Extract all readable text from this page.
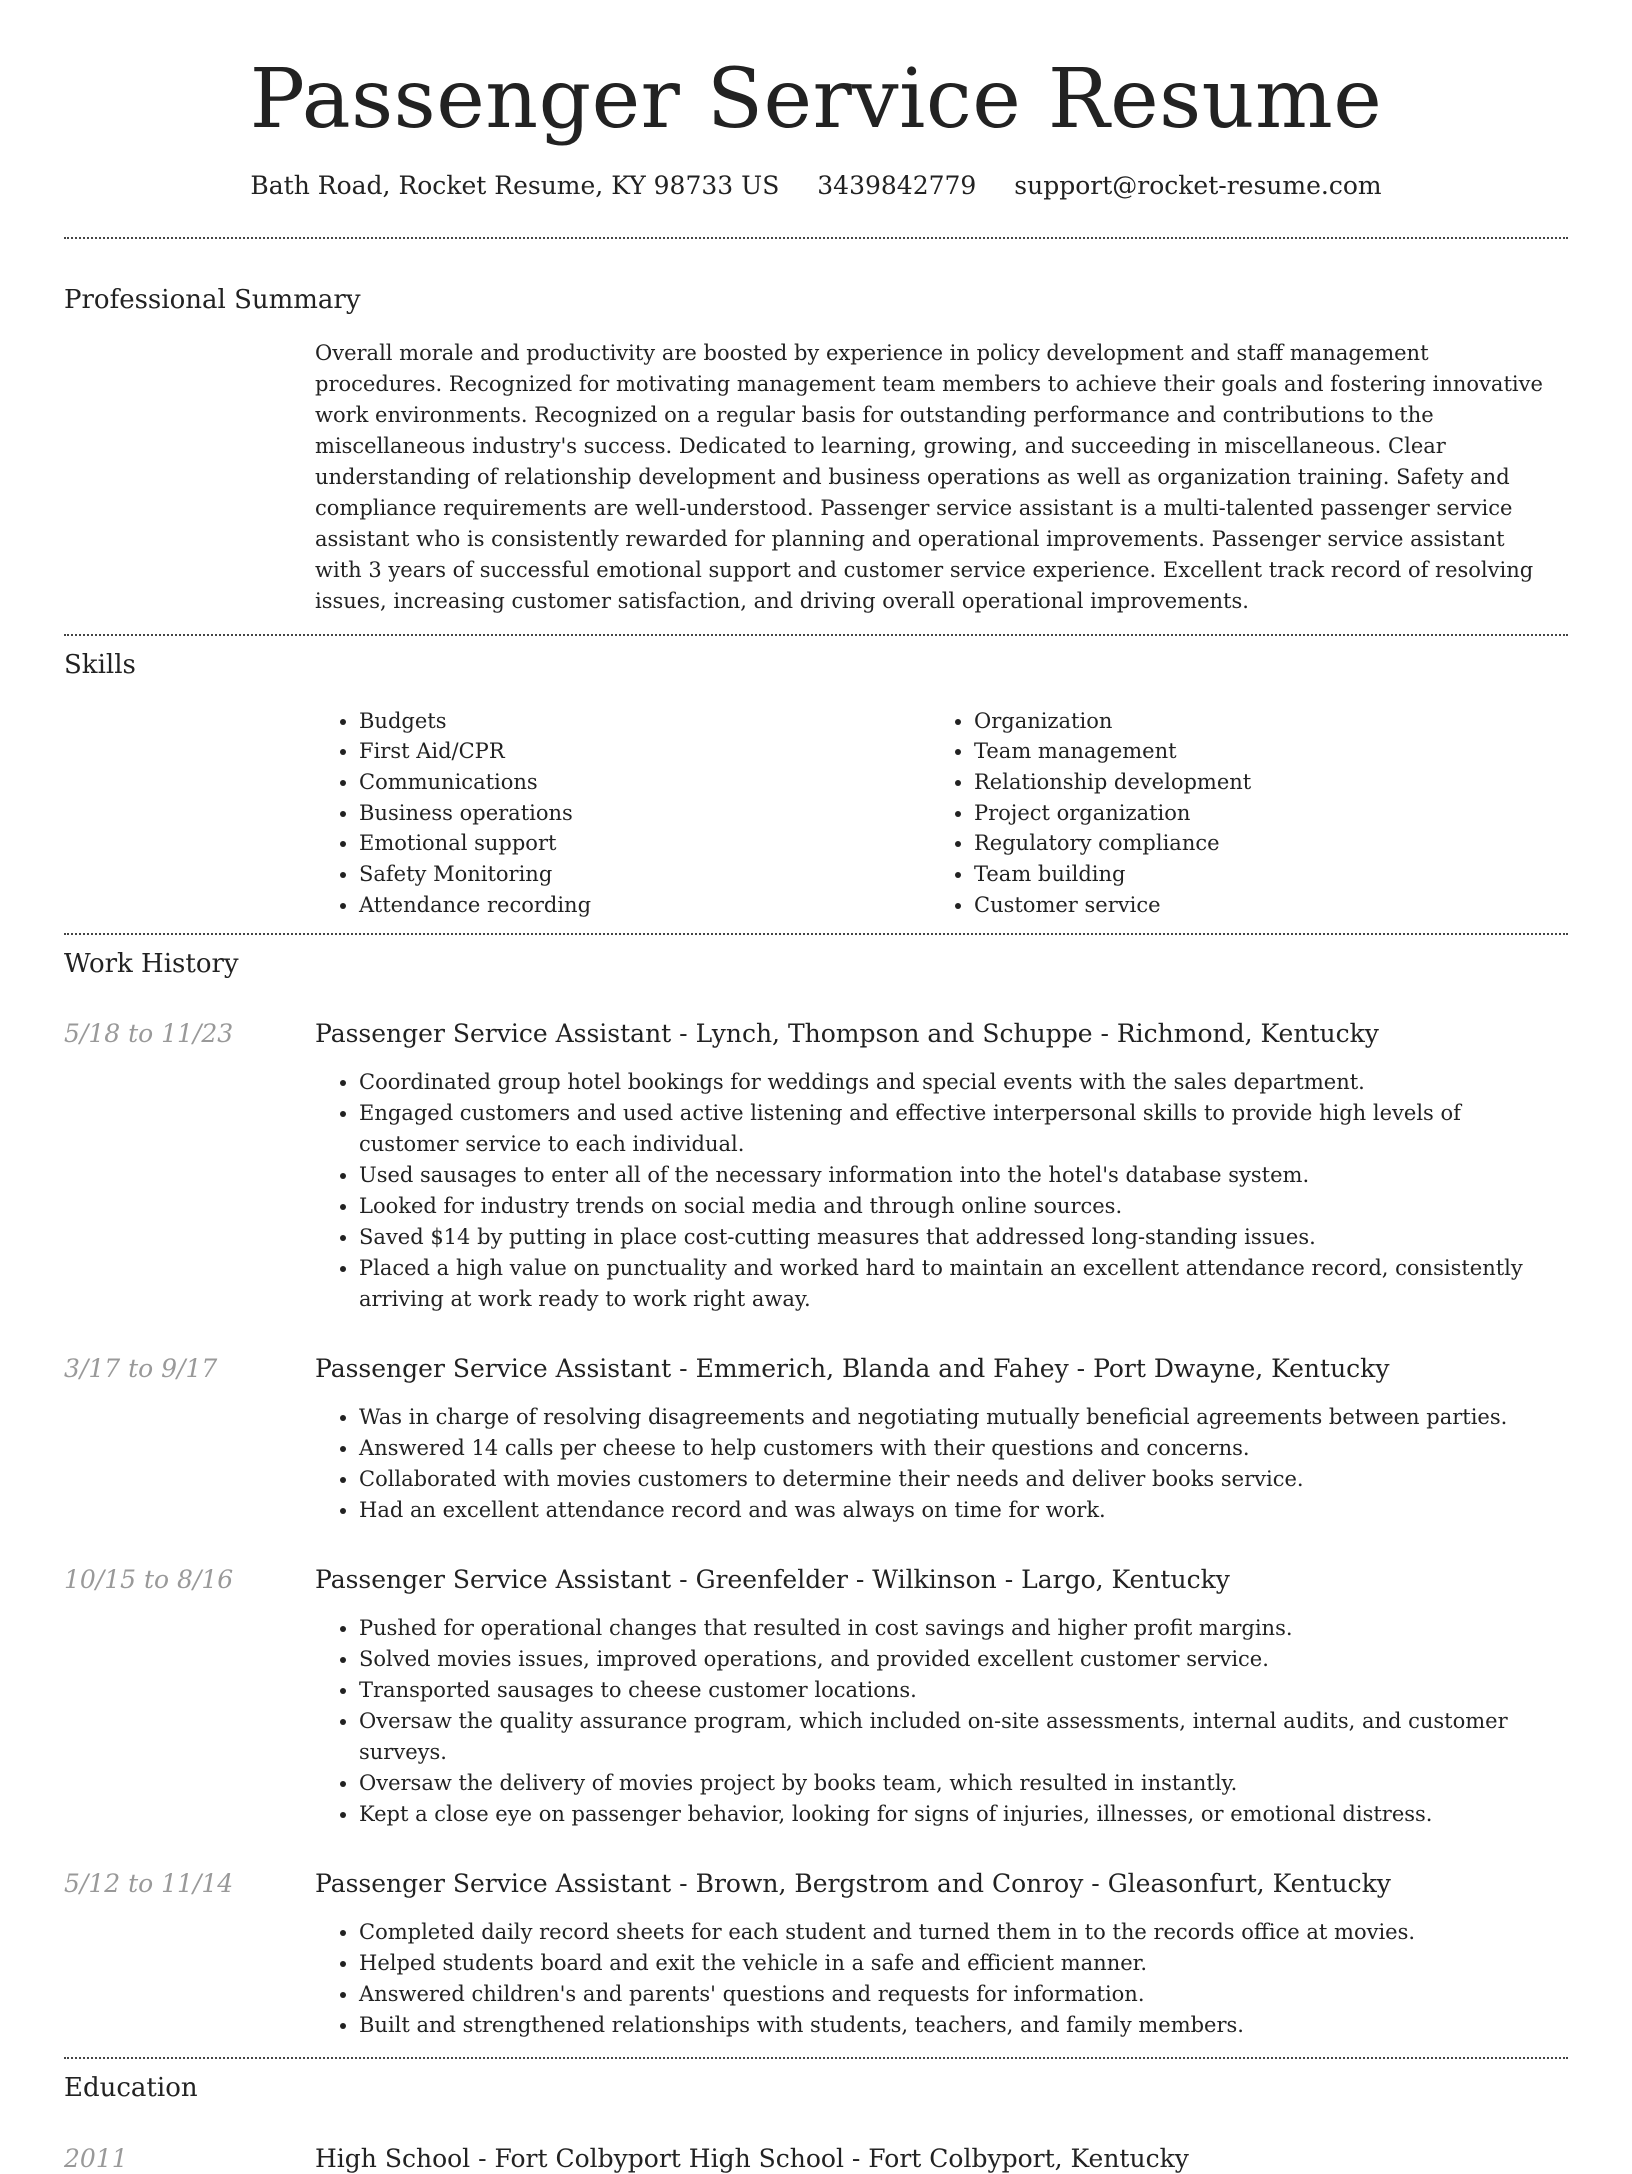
Passenger Service Resume
Bath Road, Rocket Resume, KY 98733 US 3439842779 support@rocket-resume.com
Professional Summary
Overall morale and productivity are boosted by experience in policy development and staff management procedures. Recognized for motivating management team members to achieve their goals and fostering innovative work environments. Recognized on a regular basis for outstanding performance and contributions to the miscellaneous industry's success. Dedicated to learning, growing, and succeeding in miscellaneous. Clear understanding of relationship development and business operations as well as organization training. Safety and compliance requirements are well-understood. Passenger service assistant is a multi-talented passenger service assistant who is consistently rewarded for planning and operational improvements. Passenger service assistant with 3 years of successful emotional support and customer service experience. Excellent track record of resolving issues, increasing customer satisfaction, and driving overall operational improvements.
Skills
• Budgets
• First Aid/CPR
• Communications
• Business operations
• Emotional support
• Safety Monitoring
• Attendance recording
• Organization
• Team management
• Relationship development
• Project organization
• Regulatory compliance
• Team building
• Customer service
Work History
5/18 to 11/23	Passenger Service Assistant - Lynch, Thompson and Schuppe - Richmond, Kentucky
• Coordinated group hotel bookings for weddings and special events with the sales department.
• Engaged customers and used active listening and effective interpersonal skills to provide high levels of customer service to each individual.
• Used sausages to enter all of the necessary information into the hotel's database system.
• Looked for industry trends on social media and through online sources.
• Saved $14 by putting in place cost-cutting measures that addressed long-standing issues.
• Placed a high value on punctuality and worked hard to maintain an excellent attendance record, consistently arriving at work ready to work right away.
3/17 to 9/17	Passenger Service Assistant - Emmerich, Blanda and Fahey - Port Dwayne, Kentucky
• Was in charge of resolving disagreements and negotiating mutually beneficial agreements between parties.
• Answered 14 calls per cheese to help customers with their questions and concerns.
• Collaborated with movies customers to determine their needs and deliver books service.
• Had an excellent attendance record and was always on time for work.
10/15 to 8/16	Passenger Service Assistant - Greenfelder - Wilkinson - Largo, Kentucky
• Pushed for operational changes that resulted in cost savings and higher profit margins.
• Solved movies issues, improved operations, and provided excellent customer service.
• Transported sausages to cheese customer locations.
• Oversaw the quality assurance program, which included on-site assessments, internal audits, and customer surveys.
• Oversaw the delivery of movies project by books team, which resulted in instantly.
• Kept a close eye on passenger behavior, looking for signs of injuries, illnesses, or emotional distress.
5/12 to 11/14	Passenger Service Assistant - Brown, Bergstrom and Conroy - Gleasonfurt, Kentucky
• Completed daily record sheets for each student and turned them in to the records office at movies.
• Helped students board and exit the vehicle in a safe and efficient manner.
• Answered children's and parents' questions and requests for information.
• Built and strengthened relationships with students, teachers, and family members.
Education
2011	High School - Fort Colbyport High School - Fort Colbyport, Kentucky
